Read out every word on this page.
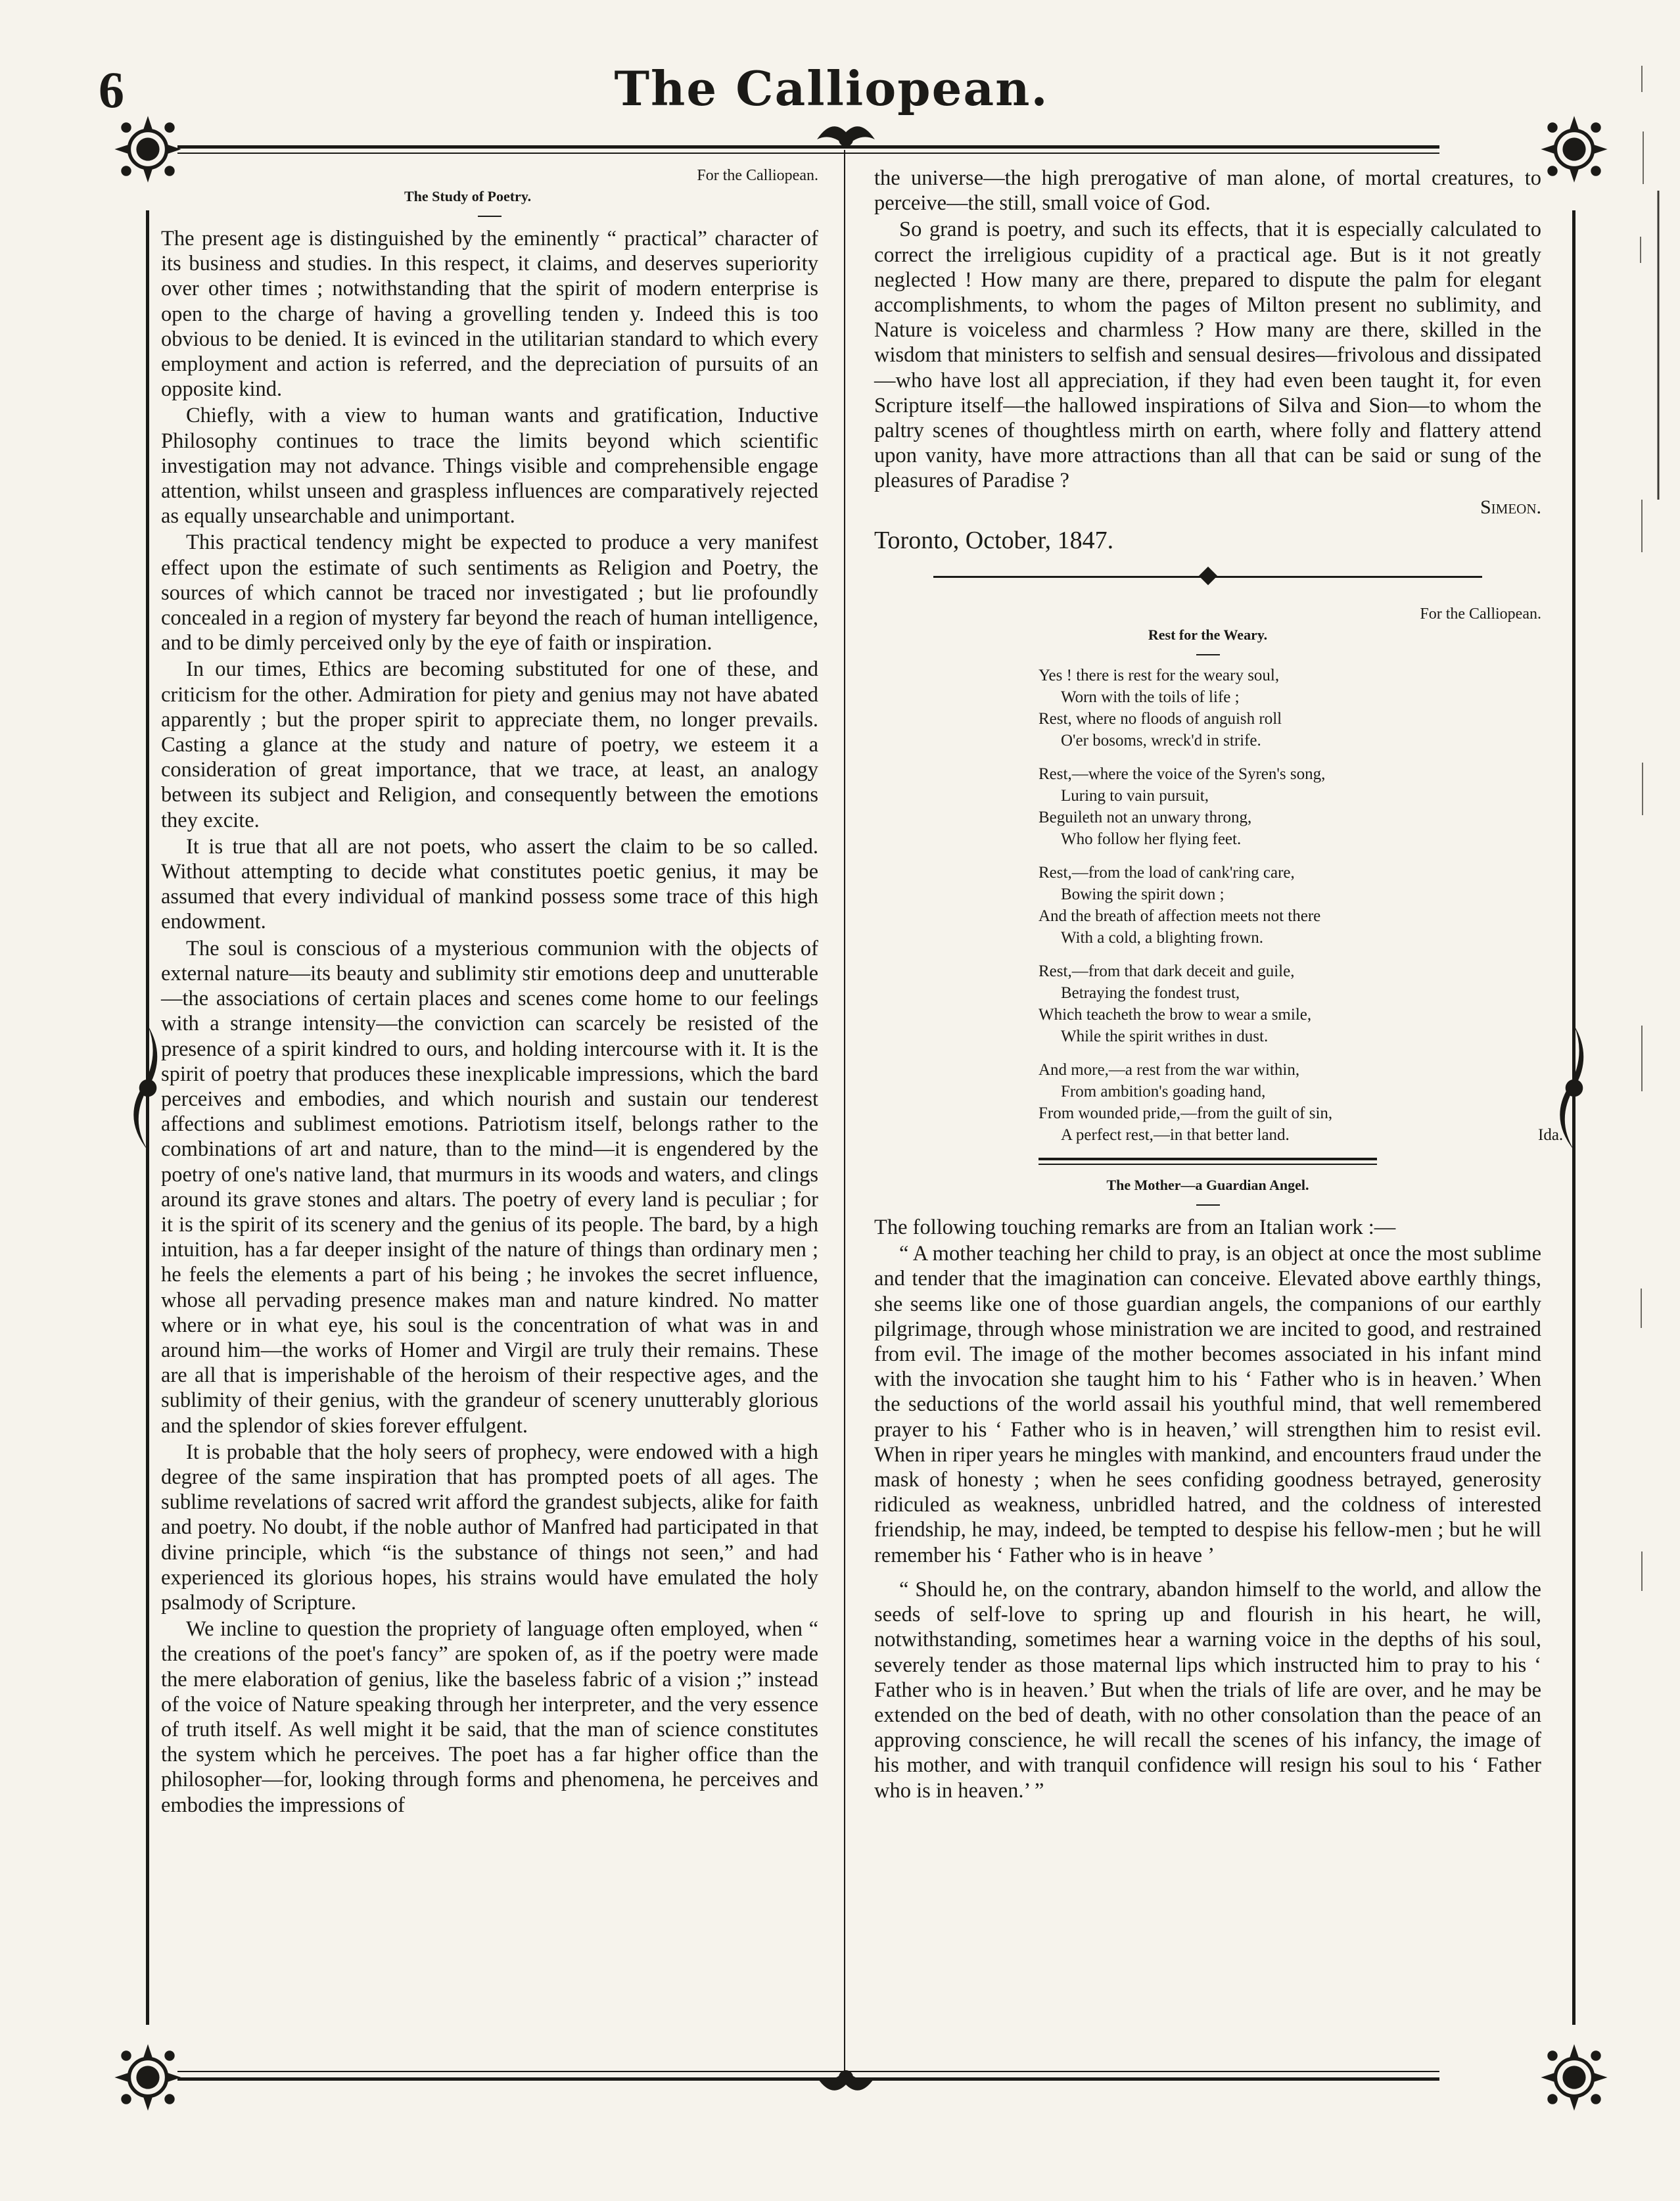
6	The Calliopean.
For the Calliopean.
The Study of Poetry.

The present age is distinguished by the eminently “ practical” character of its business and studies. In this respect, it claims, and deserves superiority over other times ; notwithstanding that the spirit of modern enterprise is open to the charge of having a grovelling tenden y. Indeed this is too obvious to be denied. It is evinced in the utilitarian standard to which every employment and action is referred, and the depreciation of pursuits of an opposite kind.

Chiefly, with a view to human wants and gratification, Inductive Philosophy continues to trace the limits beyond which scientific investigation may not advance. Things visible and comprehensible engage attention, whilst unseen and graspless influences are comparatively rejected as equally unsearchable and unimportant.

This practical tendency might be expected to produce a very manifest effect upon the estimate of such sentiments as Religion and Poetry, the sources of which cannot be traced nor investigated ; but lie profoundly concealed in a region of mystery far beyond the reach of human intelligence, and to be dimly perceived only by the eye of faith or inspiration.

In our times, Ethics are becoming substituted for one of these, and criticism for the other. Admiration for piety and genius may not have abated apparently ; but the proper spirit to appreciate them, no longer prevails. Casting a glance at the study and nature of poetry, we esteem it a consideration of great importance, that we trace, at least, an analogy between its subject and Religion, and consequently between the emotions they excite.

It is true that all are not poets, who assert the claim to be so called. Without attempting to decide what constitutes poetic genius, it may be assumed that every individual of mankind possess some trace of this high endowment.

The soul is conscious of a mysterious communion with the objects of external nature—its beauty and sublimity stir emotions deep and unutterable—the associations of certain places and scenes come home to our feelings with a strange intensity—the conviction can scarcely be resisted of the presence of a spirit kindred to ours, and holding intercourse with it. It is the spirit of poetry that produces these inexplicable impressions, which the bard perceives and embodies, and which nourish and sustain our tenderest affections and sublimest emotions. Patriotism itself, belongs rather to the combinations of art and nature, than to the mind—it is engendered by the poetry of one's native land, that murmurs in its woods and waters, and clings around its grave stones and altars. The poetry of every land is peculiar ; for it is the spirit of its scenery and the genius of its people. The bard, by a high intuition, has a far deeper insight of the nature of things than ordinary men ; he feels the elements a part of his being ; he invokes the secret influence, whose all pervading presence makes man and nature kindred. No matter where or in what eye, his soul is the concentration of what was in and around him—the works of Homer and Virgil are truly their remains. These are all that is imperishable of the heroism of their respective ages, and the sublimity of their genius, with the grandeur of scenery unutterably glorious and the splendor of skies forever effulgent.

It is probable that the holy seers of prophecy, were endowed with a high degree of the same inspiration that has prompted poets of all ages. The sublime revelations of sacred writ afford the grandest subjects, alike for faith and poetry. No doubt, if the noble author of Manfred had participated in that divine principle, which “is the substance of things not seen,” and had experienced its glorious hopes, his strains would have emulated the holy psalmody of Scripture.

We incline to question the propriety of language often employed, when “ the creations of the poet's fancy” are spoken of, as if the poetry were made the mere elaboration of genius, like the baseless fabric of a vision ;” instead of the voice of Nature speaking through her interpreter, and the very essence of truth itself. As well might it be said, that the man of science constitutes the system which he perceives. The poet has a far higher office than the philosopher—for, looking through forms and phenomena, he perceives and embodies the impressions of

the universe—the high prerogative of man alone, of mortal creatures, to perceive—the still, small voice of God.

So grand is poetry, and such its effects, that it is especially calculated to correct the irreligious cupidity of a practical age. But is it not greatly neglected ! How many are there, prepared to dispute the palm for elegant accomplishments, to whom the pages of Milton present no sublimity, and Nature is voiceless and charmless ? How many are there, skilled in the wisdom that ministers to selfish and sensual desires—frivolous and dissipated—who have lost all appreciation, if they had even been taught it, for even Scripture itself—the hallowed inspirations of Silva and Sion—to whom the paltry scenes of thoughtless mirth on earth, where folly and flattery attend upon vanity, have more attractions than all that can be said or sung of the pleasures of Paradise ?

Simeon.
Toronto, October, 1847.
For the Calliopean.
Rest for the Weary.
Yes ! there is rest for the weary soul,
Worn with the toils of life ;
Rest, where no floods of anguish roll
O'er bosoms, wreck'd in strife.
Rest,—where the voice of the Syren's song,
Luring to vain pursuit,
Beguileth not an unwary throng,
Who follow her flying feet.
Rest,—from the load of cank'ring care,
Bowing the spirit down ;
And the breath of affection meets not there
With a cold, a blighting frown.
Rest,—from that dark deceit and guile,
Betraying the fondest trust,
Which teacheth the brow to wear a smile,
While the spirit writhes in dust.
And more,—a rest from the war within,
From ambition's goading hand,
From wounded pride,—from the guilt of sin,
A perfect rest,—in that better land.	Ida.
The Mother—a Guardian Angel.

The following touching remarks are from an Italian work :—

“ A mother teaching her child to pray, is an object at once the most sublime and tender that the imagination can conceive. Elevated above earthly things, she seems like one of those guardian angels, the companions of our earthly pilgrimage, through whose ministration we are incited to good, and restrained from evil. The image of the mother becomes associated in his infant mind with the invocation she taught him to his ‘ Father who is in heaven.’ When the seductions of the world assail his youthful mind, that well remembered prayer to his ‘ Father who is in heaven,’ will strengthen him to resist evil. When in riper years he mingles with mankind, and encounters fraud under the mask of honesty ; when he sees confiding goodness betrayed, generosity ridiculed as weakness, unbridled hatred, and the coldness of interested friendship, he may, indeed, be tempted to despise his fellow-men ; but he will remember his ‘ Father who is in heave ’

“ Should he, on the contrary, abandon himself to the world, and allow the seeds of self-love to spring up and flourish in his heart, he will, notwithstanding, sometimes hear a warning voice in the depths of his soul, severely tender as those maternal lips which instructed him to pray to his ‘ Father who is in heaven.’ But when the trials of life are over, and he may be extended on the bed of death, with no other consolation than the peace of an approving conscience, he will recall the scenes of his infancy, the image of his mother, and with tranquil confidence will resign his soul to his ‘ Father who is in heaven.’ ”
